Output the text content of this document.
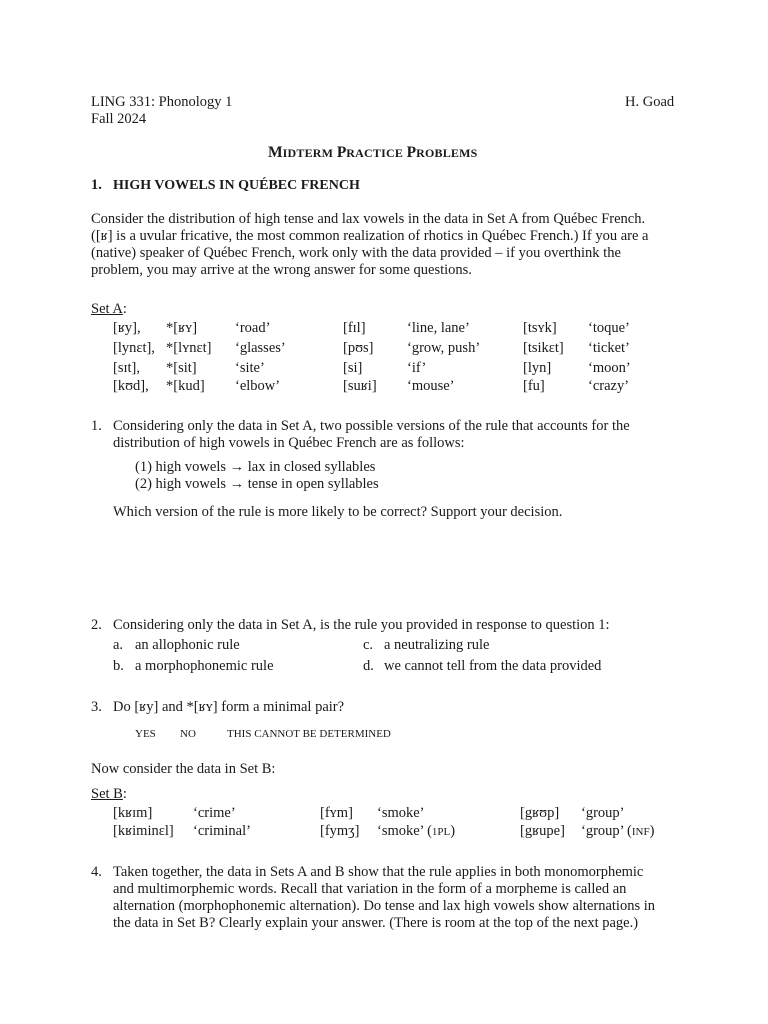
LING 331: Phonology 1
Fall 2024
H. Goad
MIDTERM PRACTICE PROBLEMS
1. HIGH VOWELS IN QUÉBEC FRENCH
Consider the distribution of high tense and lax vowels in the data in Set A from Québec French.
([ʁ] is a uvular fricative, the most common realization of rhotics in Québec French.) If you are a
(native) speaker of Québec French, work only with the data provided – if you overthink the
problem, you may arrive at the wrong answer for some questions.
Set A:
[ʁy], *[ʁʏ]	‘road’	[fɪl]	‘line, lane’	[tsʏk] ‘toque’
[lynɛt], *[lʏnɛt] ‘glasses’	[pʊs] ‘grow, push’	[tsikɛt] ‘ticket’
[sɪt], *[sit]	‘site’	[si]	‘if’	[lyn]	‘moon’
[kʊd], *[kud] ‘elbow’	[suʁi] ‘mouse’	[fu]	‘crazy’
1. Considering only the data in Set A, two possible versions of the rule that accounts for the
distribution of high vowels in Québec French are as follows:
(1) high vowels → lax in closed syllables
(2) high vowels → tense in open syllables
Which version of the rule is more likely to be correct? Support your decision.
2. Considering only the data in Set A, is the rule you provided in response to question 1:
a. an allophonic rule
b. a morphophonemic rule
c. a neutralizing rule
d. we cannot tell from the data provided
3. Do [ʁy] and *[ʁʏ] form a minimal pair?
YES NO	THIS CANNOT BE DETERMINED
Now consider the data in Set B:
Set B:
[kʁɪm]	‘crime’	[fʏm] ‘smoke’	[gʁʊp] ‘group’
[kʁiminɛl] ‘criminal’	[fymʒ] ‘smoke’ (1PL)	[gʁupe] ‘group’ (INF)
4. Taken together, the data in Sets A and B show that the rule applies in both monomorphemic
and multimorphemic words. Recall that variation in the form of a morpheme is called an
alternation (morphophonemic alternation). Do tense and lax high vowels show alternations in
the data in Set B? Clearly explain your answer. (There is room at the top of the next page.)
